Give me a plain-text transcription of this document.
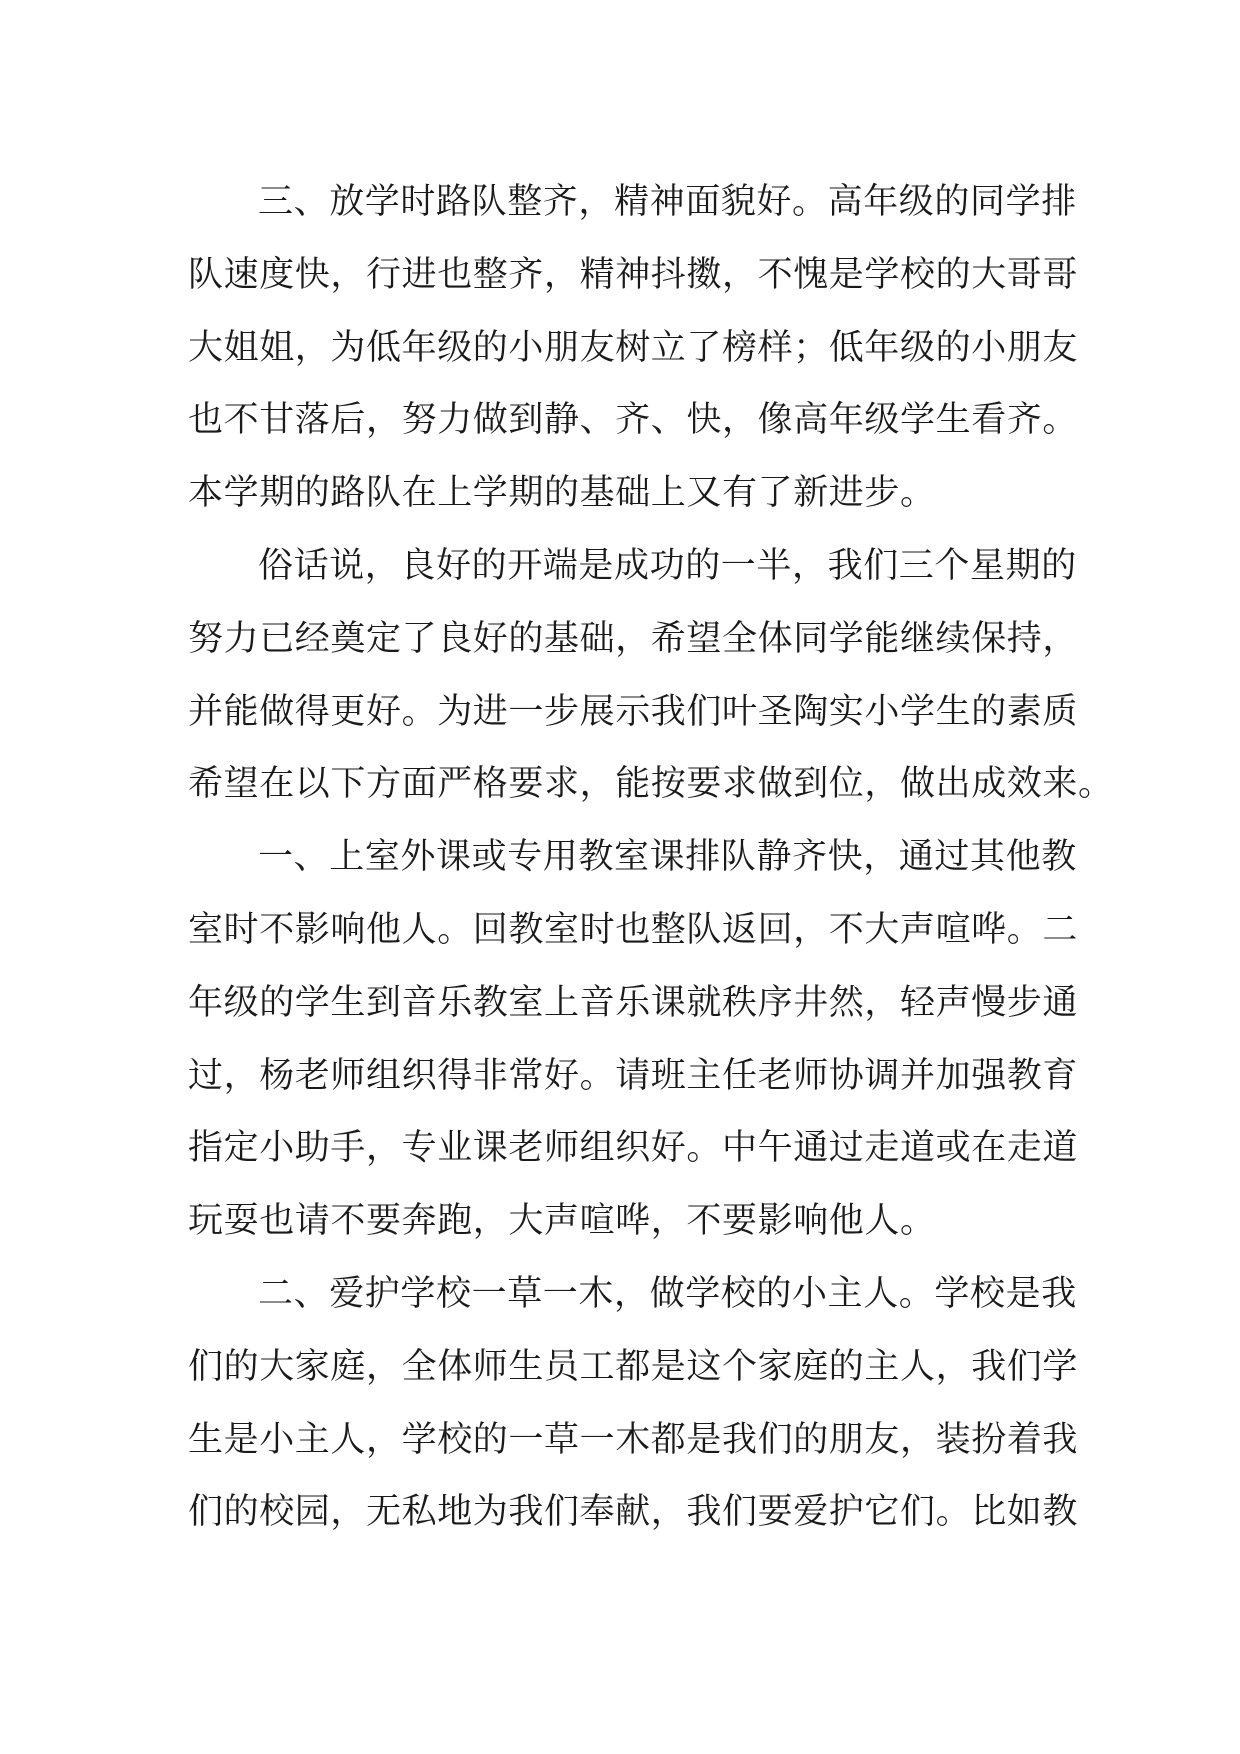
三、放学时路队整齐，精神面貌好。高年级的同学排
队速度快，行进也整齐，精神抖擞，不愧是学校的大哥哥
大姐姐，为低年级的小朋友树立了榜样；低年级的小朋友
也不甘落后，努力做到静、齐、快，像高年级学生看齐。
本学期的路队在上学期的基础上又有了新进步。
俗话说，良好的开端是成功的一半，我们三个星期的
努力已经奠定了良好的基础，希望全体同学能继续保持，
并能做得更好。为进一步展示我们叶圣陶实小学生的素质
希望在以下方面严格要求，能按要求做到位，做出成效来。
一、上室外课或专用教室课排队静齐快，通过其他教
室时不影响他人。回教室时也整队返回，不大声喧哗。二
年级的学生到音乐教室上音乐课就秩序井然，轻声慢步通
过，杨老师组织得非常好。请班主任老师协调并加强教育
指定小助手，专业课老师组织好。中午通过走道或在走道
玩耍也请不要奔跑，大声喧哗，不要影响他人。
二、爱护学校一草一木，做学校的小主人。学校是我
们的大家庭，全体师生员工都是这个家庭的主人，我们学
生是小主人，学校的一草一木都是我们的朋友，装扮着我
们的校园，无私地为我们奉献，我们要爱护它们。比如教
